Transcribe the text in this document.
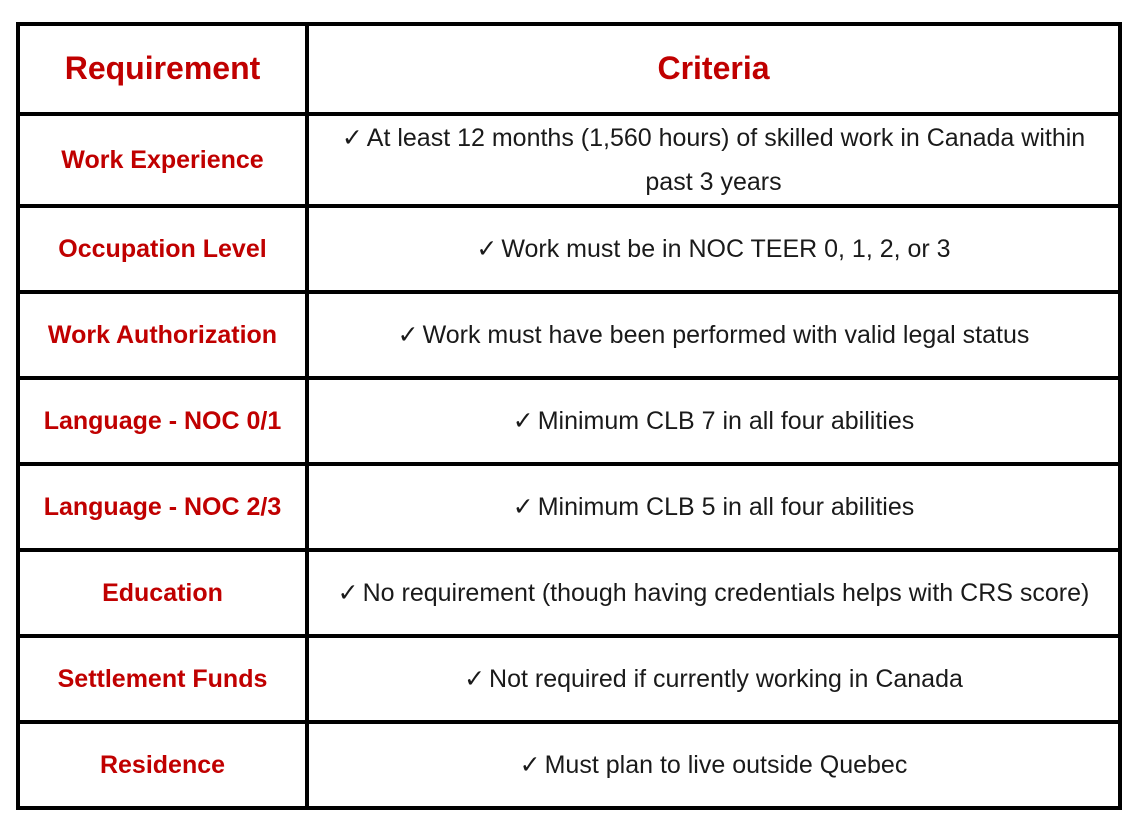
Requirement	Criteria
Work Experience	✓ At least 12 months (1,560 hours) of skilled work in Canada within past 3 years
Occupation Level	✓ Work must be in NOC TEER 0, 1, 2, or 3
Work Authorization	✓ Work must have been performed with valid legal status
Language - NOC 0/1	✓ Minimum CLB 7 in all four abilities
Language - NOC 2/3	✓ Minimum CLB 5 in all four abilities
Education	✓ No requirement (though having credentials helps with CRS score)
Settlement Funds	✓ Not required if currently working in Canada
Residence	✓ Must plan to live outside Quebec
